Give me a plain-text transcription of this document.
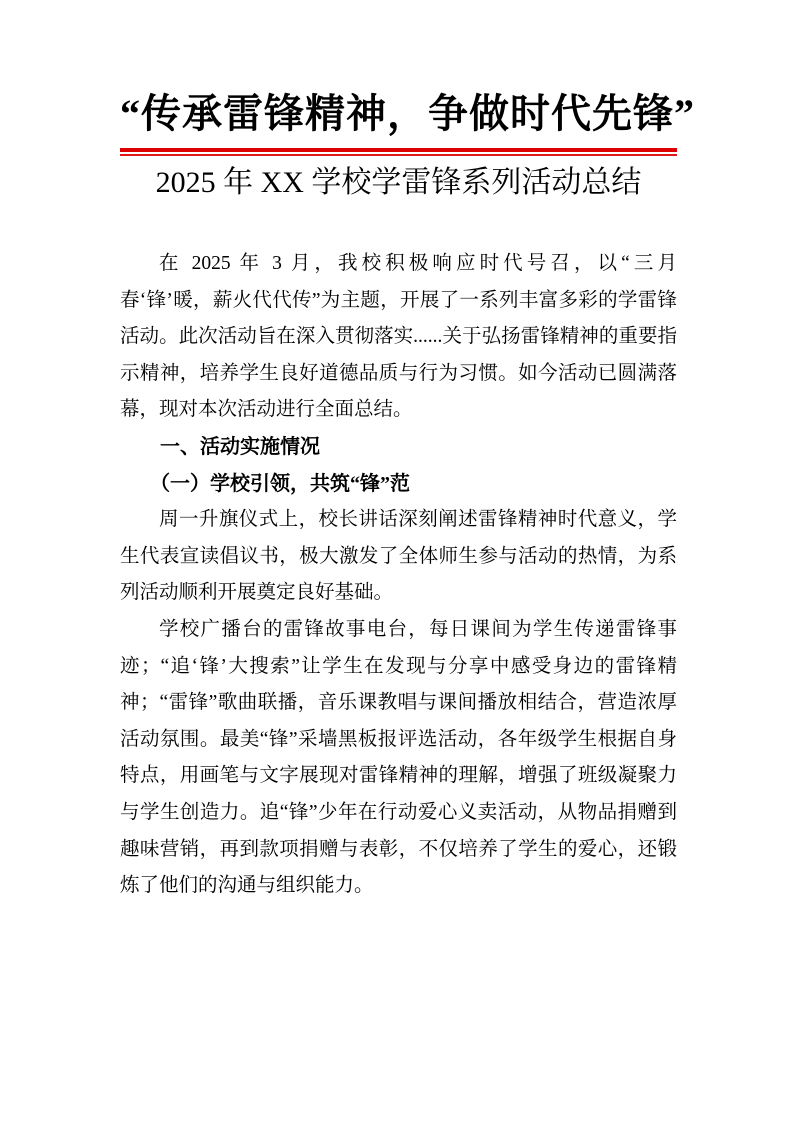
“传承雷锋精神，争做时代先锋”
2025 年 XX 学校学雷锋系列活动总结

在 2025 年 3 月，我校积极响应时代号召，以“三月春‘锋’暖，薪火代代传”为主题，开展了一系列丰富多彩的学雷锋活动。此次活动旨在深入贯彻落实......关于弘扬雷锋精神的重要指示精神，培养学生良好道德品质与行为习惯。如今活动已圆满落幕，现对本次活动进行全面总结。

一、活动实施情况

（一）学校引领，共筑“锋”范

周一升旗仪式上，校长讲话深刻阐述雷锋精神时代意义，学生代表宣读倡议书，极大激发了全体师生参与活动的热情，为系列活动顺利开展奠定良好基础。

学校广播台的雷锋故事电台，每日课间为学生传递雷锋事迹；“追‘锋’大搜索”让学生在发现与分享中感受身边的雷锋精神；“雷锋”歌曲联播，音乐课教唱与课间播放相结合，营造浓厚活动氛围。最美“锋”采墙黑板报评选活动，各年级学生根据自身特点，用画笔与文字展现对雷锋精神的理解，增强了班级凝聚力与学生创造力。追“锋”少年在行动爱心义卖活动，从物品捐赠到趣味营销，再到款项捐赠与表彰，不仅培养了学生的爱心，还锻炼了他们的沟通与组织能力。
